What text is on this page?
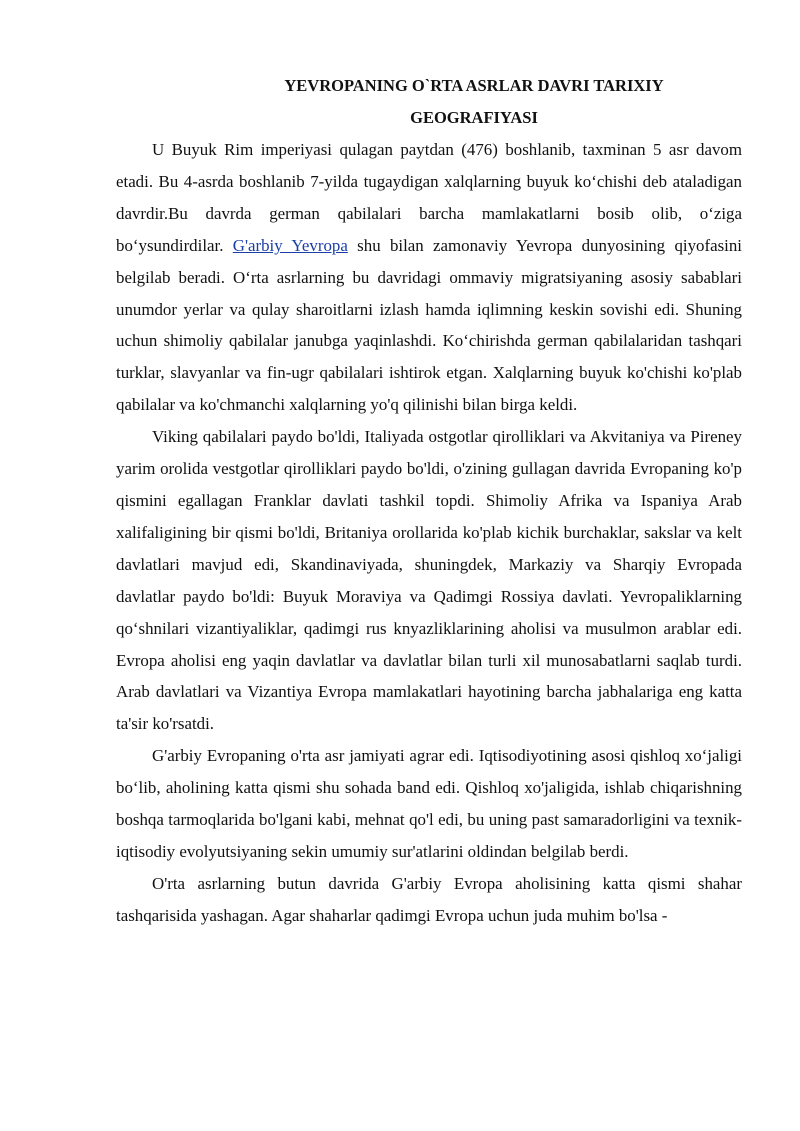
YEVROPANING O`RTA ASRLAR DAVRI TARIXIY
GEOGRAFIYASI

U Buyuk Rim imperiyasi qulagan paytdan (476) boshlanib, taxminan 5 asr davom etadi. Bu 4-asrda boshlanib 7-yilda tugaydigan xalqlarning buyuk ko‘chishi deb ataladigan davrdir.Bu davrda german qabilalari barcha mamlakatlarni bosib olib, o‘ziga bo‘ysundirdilar. G'arbiy Yevropa shu bilan zamonaviy Yevropa dunyosining qiyofasini belgilab beradi. O‘rta asrlarning bu davridagi ommaviy migratsiyaning asosiy sabablari unumdor yerlar va qulay sharoitlarni izlash hamda iqlimning keskin sovishi edi. Shuning uchun shimoliy qabilalar janubga yaqinlashdi. Ko‘chirishda german qabilalaridan tashqari turklar, slavyanlar va fin-ugr qabilalari ishtirok etgan. Xalqlarning buyuk ko'chishi ko'plab qabilalar va ko'chmanchi xalqlarning yo'q qilinishi bilan birga keldi.

Viking qabilalari paydo bo'ldi, Italiyada ostgotlar qirolliklari va Akvitaniya va Pireney yarim orolida vestgotlar qirolliklari paydo bo'ldi, o'zining gullagan davrida Evropaning ko'p qismini egallagan Franklar davlati tashkil topdi. Shimoliy Afrika va Ispaniya Arab xalifaligining bir qismi bo'ldi, Britaniya orollarida ko'plab kichik burchaklar, sakslar va kelt davlatlari mavjud edi, Skandinaviyada, shuningdek, Markaziy va Sharqiy Evropada davlatlar paydo bo'ldi: Buyuk Moraviya va Qadimgi Rossiya davlati. Yevropaliklarning qo‘shnilari vizantiyaliklar, qadimgi rus knyazliklarining aholisi va musulmon arablar edi. Evropa aholisi eng yaqin davlatlar va davlatlar bilan turli xil munosabatlarni saqlab turdi. Arab davlatlari va Vizantiya Evropa mamlakatlari hayotining barcha jabhalariga eng katta ta'sir ko'rsatdi.

G'arbiy Evropaning o'rta asr jamiyati agrar edi. Iqtisodiyotining asosi qishloq xo‘jaligi bo‘lib, aholining katta qismi shu sohada band edi. Qishloq xo'jaligida, ishlab chiqarishning boshqa tarmoqlarida bo'lgani kabi, mehnat qo'l edi, bu uning past samaradorligini va texnik-iqtisodiy evolyutsiyaning sekin umumiy sur'atlarini oldindan belgilab berdi.

O'rta asrlarning butun davrida G'arbiy Evropa aholisining katta qismi shahar tashqarisida yashagan. Agar shaharlar qadimgi Evropa uchun juda muhim bo'lsa -
